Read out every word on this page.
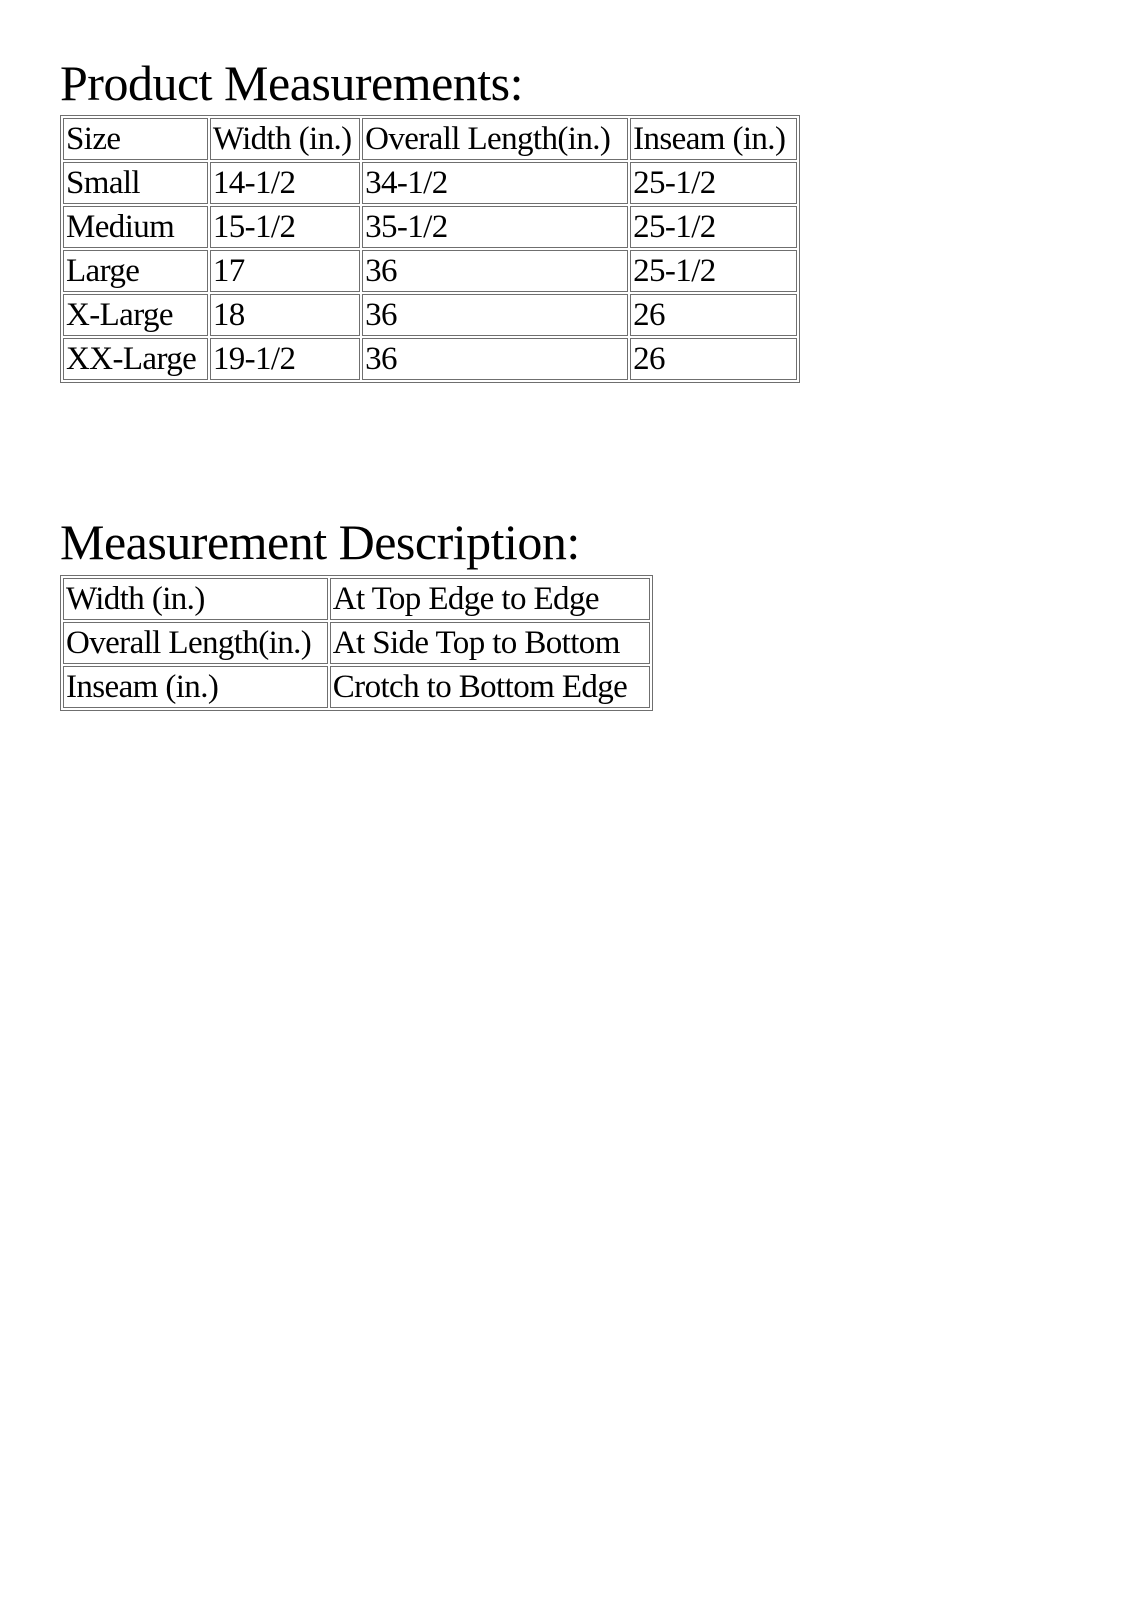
Product Measurements:
Size	Width (in.)	Overall Length(in.)	Inseam (in.)
Small	14-1/2	34-1/2	25-1/2
Medium	15-1/2	35-1/2	25-1/2
Large	17	36	25-1/2
X-Large	18	36	26
XX-Large	19-1/2	36	26
Measurement Description:
Width (in.)	At Top Edge to Edge
Overall Length(in.)	At Side Top to Bottom
Inseam (in.)	Crotch to Bottom Edge
